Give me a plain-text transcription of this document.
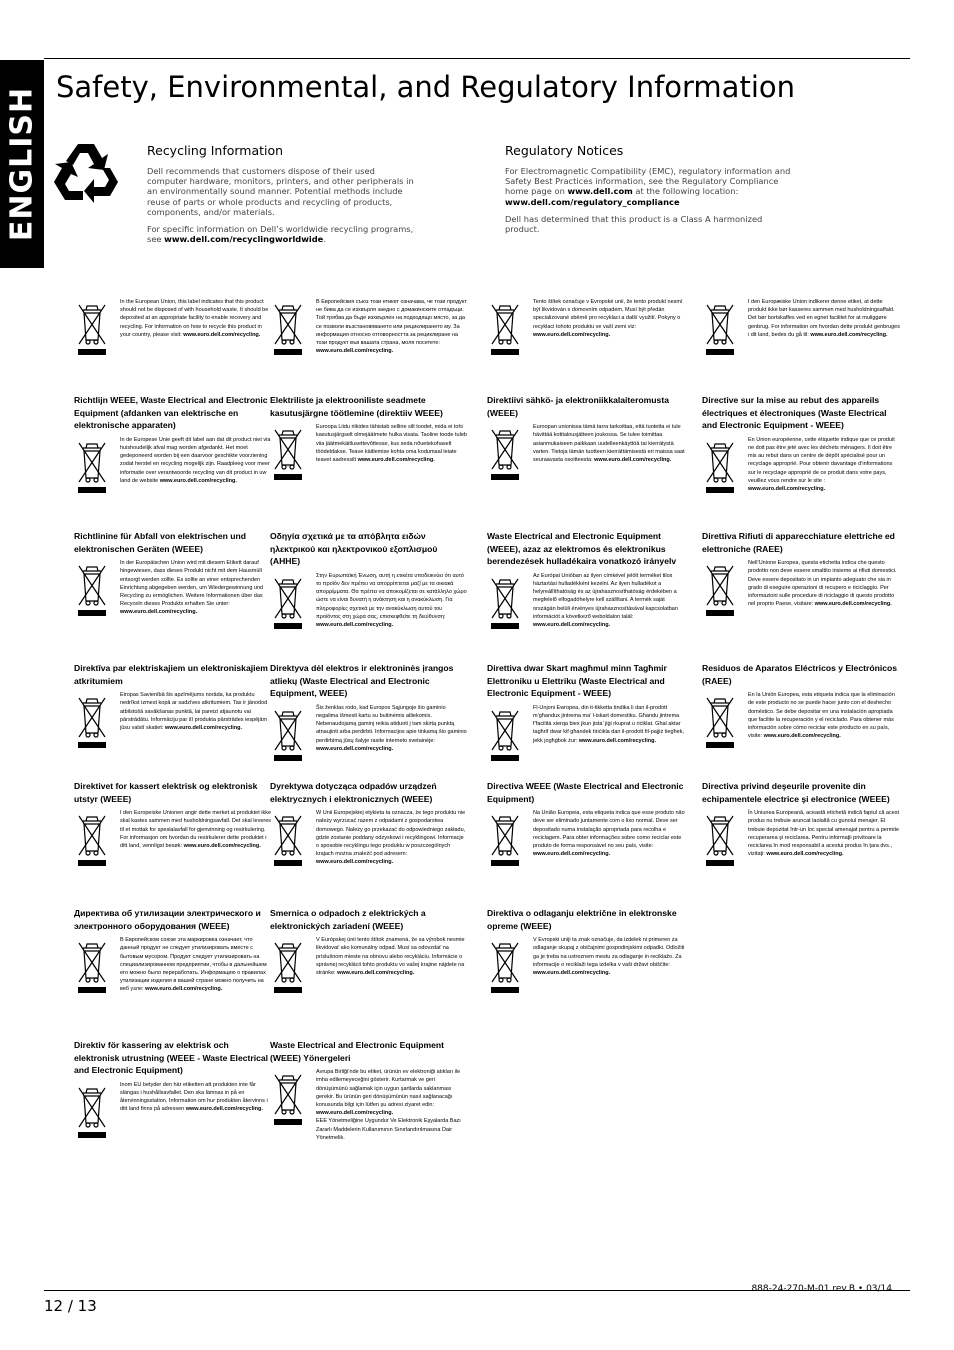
ENGLISH Safety, Environmental, and Regulatory Information
Recycling Information

Dell recommends that customers dispose of their used computer hardware, monitors, printers, and other peripherals in an environmentally sound manner. Potential methods include reuse of parts or whole products and recycling of products, components, and/or materials.

For specific information on Dell’s worldwide recycling programs, see www.dell.com/recyclingworldwide.

Regulatory Notices

For Electromagnetic Compatibility (EMC), regulatory information and Safety Best Practices information, see the Regulatory Compliance home page on www.dell.com at the following location: www.dell.com/regulatory_compliance

Dell has determined that this product is a Class A harmonized product.

In the European Union, this label indicates that this product should not be disposed of with household waste. It should be deposited at an appropriate facility to enable recovery and recycling. For information on how to recycle this product in your country, please visit: www.euro.dell.com/recycling.

В Европейския съюз този етикет означава, че този продукт не бива да се изхвърля заедно с домакинските отпадъци. Той трябва да бъде изхвърлен на подходящо място, за да се позволи възстановяването или рециклирането му. За информация относно отговорността за рециклиране на този продукт във вашата страна, моля посетете: www.euro.dell.com/recycling.

Tento štítek označuje v Evropské unii, že tento produkt nesmí být likvidován s domovním odpadem. Musí být předán specializované sběrně pro recyklaci a další využití. Pokyny o recyklaci tohoto produktu ve vaší zemi viz: www.euro.dell.com/recycling.

I den Europæiske Union indikerer denne etiket, at dette produkt ikke bør kasseres sammen med husholdningsaffald. Det bør bortskaffes ved en egnet facilitet for at muliggøre genbrug. For information om hvordan dette produkt genbruges i dit land, bedes du gå til: www.euro.dell.com/recycling.

Richtlijn WEEE, Waste Electrical and Electronic Equipment (afdanken van elektrische en elektronische apparaten)

In de Europese Unie geeft dit label aan dat dit product niet via huishoudelijk afval mag worden afgedankt. Het moet gedeponeerd worden bij een daarvoor geschikte voorziening zodat herstel en recycling mogelijk zijn. Raadpleeg voor meer informatie over verantwoorde recycling van dit product in uw land de website www.euro.dell.com/recycling.

Elektriliste ja elektrooniliste seadmete kasutusjärgne töötlemine (direktiiv WEEE)

Euroopa Liidu riikides tähistab selline silt toodet, mida ei tohi kasutusjärgselt olmejäätmete hulka visata. Taoline toode tuleb viia jäätmekäitlusettevõttesse, kus seda nõuetekohaselt töödeldakse. Teave käitlemise kohta oma kodumaal leiate teavet aadressilt www.euro.dell.com/recycling.

Direktiivi sähkö- ja elektroniikkalaiteromusta (WEEE)

Euroopan unionissa tämä tarra tarkoittaa, että tuotetta ei tule hävittää kotitalousjätteen joukossa. Se tulee toimittaa asianmukaiseen paikkaan uudelleenkäyttöä tai kierrätystä varten. Tietoja tämän tuotteen kierrättämisestä eri maissa saat seuraavasta osoitteesta: www.euro.dell.com/recycling.

Directive sur la mise au rebut des appareils électriques et électroniques (Waste Electrical and Electronic Equipment - WEEE)

En Union européenne, cette étiquette indique que ce produit ne doit pas être jeté avec les déchets ménagers. Il doit être mis au rebut dans un centre de dépôt spécialisé pour un recyclage approprié. Pour obtenir davantage d’informations sur le recyclage approprié de ce produit dans votre pays, veuillez vous rendre sur le site : www.euro.dell.com/recycling.

Richtlinine für Abfall von elektrischen und elektronischen Geräten (WEEE)

In der Europäischen Union wird mit diesem Etikett darauf hingewiesen, dass dieses Produkt nicht mit dem Hausmüll entsorgt werden sollte. Es sollte an einer entsprechenden Einrichtung abgegeben werden, um Wiedergewinnung und Recycling zu ermöglichen. Weitere Informationen über das Recyceln dieses Produkts erhalten Sie unter: www.euro.dell.com/recycling.

Οδηγία σχετικά με τα απόβλητα ειδών ηλεκτρικού και ηλεκτρονικού εξοπλισμού (ΑΗΗΕ)

Στην Ευρωπαϊκή Ένωση, αυτή η ετικέτα υποδεικνύει ότι αυτό το προϊόν δεν πρέπει να απορρίπτεται μαζί με τα οικιακά απορρίμματα. Θα πρέπει να αποκομίζεται σε κατάλληλο χώρο ώστε να είναι δυνατή η ανάκτηση και η ανακύκλωση. Για πληροφορίες σχετικά με την ανακύκλωση αυτού του προϊόντος στη χώρα σας, επισκεφθείτε τη διεύθυνση: www.euro.dell.com/recycling.

Waste Electrical and Electronic Equipment (WEEE), azaz az elektromos és elektronikus berendezések hulladékaira vonatkozó irányelv

Az Európai Unióban az ilyen címkével jelölt terméket tilos háztartási hulladékként kezelni. Az ilyen hulladékot a helyreállíthatóság és az újrahasznosíthatóság érdekében a megfelelő elfogadóhelyre kell szállítani. A termék saját országán belüli érvényes újrahasznosításával kapcsolatban információt a következő weboldalon talál: www.euro.dell.com/recycling.

Direttiva Rifiuti di apparecchiature elettriche ed elettroniche (RAEE)

Nell’Unione Europea, questa etichetta indica che questo prodotto non deve essere smaltito insieme ai rifiuti domestici. Deve essere depositato in un impianto adeguato che sia in grado di eseguire operazioni di recupero e riciclaggio. Per informazioni sulle procedure di riciclaggio di questo prodotto nel proprio Paese, visitare: www.euro.dell.com/recycling.

Direktīva par elektriskajiem un elektroniskajiem atkritumiem

Eiropas Savienībā šis apzīmējums norāda, ka produktu nedrīkst izmest kopā ar sadzīves atkritumiem. Tas ir jānodod atbilstošā savākšanas punktā, lai pareizi atjaunotu vai pārstrādātu. Informāciju par šī produkta pārstrādes iespējām jūsu valstī skatiet: www.euro.dell.com/recycling.

Direktyva dėl elektros ir elektroninės įrangos atliekų (Waste Electrical and Electronic Equipment, WEEE)

Šis ženklas rodo, kad Europos Sąjungoje šio gaminio negalima išmesti kartu su buitinėmis atliekomis. Nebenaudojamą gaminį reikia atiduoti į tam skirtą punktą atnaujinti arba perdirbti. Informacijos apie tinkamą šio gaminio perdirbimą jūsų šalyje rasite interneto svetainėje: www.euro.dell.com/recycling.

Direttiva dwar Skart magħmul minn Tagħmir Elettroniku u Elettriku (Waste Electrical and Electronic Equipment - WEEE)

Fl-Unjoni Ewropea, din it-tikketta tindika li dan il-prodott m’għandux jintrema ma’ l-iskart domestiku. Għandu jintrema f’facilità xierqa biex jkun jista’ jiġi rkuprat u riċiklat. Għal aktar tagħrif dwar kif għandek tiriċikla dan il-prodott fil-pajjiż tiegħek, jekk jogħġbok żur: www.euro.dell.com/recycling.

Residuos de Aparatos Eléctricos y Electrónicos (RAEE)

En la Unión Europea, esta etiqueta indica que la eliminación de este producto no se puede hacer junto con el deshecho doméstico. Se debe depositar en una instalación apropiada que facilite la recuperación y el reciclado. Para obtener más información sobre cómo reciclar este producto en su país, visite: www.euro.dell.com/recycling.

Direktivet for kassert elektrisk og elektronisk utstyr (WEEE)

I den Europeiske Unionen angir dette merket at produktet ikke skal kastes sammen med husholdningsavfall. Det skal leveres til et mottak for spesialavfall for gjenvinning og resirkulering. For informasjon om hvordan du resirkulerer dette produktet i ditt land, vennligst besøk: www.euro.dell.com/recycling.

Dyrektywa dotycząca odpadów urządzeń elektrycznych i elektronicznych (WEEE)

W Unii Europejskiej etykieta ta oznacza, że tego produktu nie należy wyrzucać razem z odpadami z gospodarstwa domowego. Należy go przekazać do odpowiedniego zakładu, gdzie zostanie poddany odzyskowi i recyklingowi. Informacje o sposobie recyklingu tego produktu w poszczególnych krajach można znaleźć pod adresem: www.euro.dell.com/recycling.

Directiva WEEE (Waste Electrical and Electronic Equipment)

Na União Europeia, esta etiqueta indica que esse produto não deve ser eliminado juntamente com o lixo normal. Deve ser depositado numa instalação apropriada para recolha e reciclagem. Para obter informações sobre como reciclar este produto de forma responsável no seu país, visite: www.euro.dell.com/recycling.

Directiva privind deşeurile provenite din echipamentele electrice şi electronice (WEEE)

În Uniunea Europeană, această etichetă indică faptul că acest produs nu trebuie aruncat laolaltă cu gunoiul menajer. El trebuie depozitat într-un loc special amenajat pentru a permite recuperarea şi reciclarea. Pentru informaţii privitoare la reciclarea în mod responsabil a acestui produs în ţara dvs., vizitaţi: www.euro.dell.com/recycling.

Директива об утилизации электрического и электронного оборудования (WEEE)

В Европейском союзе эта маркировка означает, что данный продукт не следует утилизировать вместе с бытовым мусором. Продукт следует утилизировать на специализированном предприятии, чтобы в дальнейшем его можно было переработать. Информацию о правилах утилизации изделия в вашей стране можно получить на веб узле: www.euro.dell.com/recycling.

Smernica o odpadoch z elektrických a elektronických zariadení (WEEE)

V Európskej únii tento štítok znamená, že sa výrobok nesmie likvidovať ako komunálny odpad. Musí sa odovzdať na príslušnom mieste na obnovu alebo recykláciu. Informácie o správnej recyklácii tohto produktu vo vašej krajine nájdete na stránke: www.euro.dell.com/recycling.

Direktiva o odlaganju električne in elektronske opreme (WEEE)

V Evropski uniji ta znak označuje, da izdelek ni primeren za odlaganje skupaj z običajnimi gospodinjskimi odpadki. Odložiti ga je treba na ustreznem mestu za odlaganje in reciklažo. Za informacije o reciklaži tega izdelka v vaši državi obiščite: www.euro.dell.com/recycling.

Direktiv för kassering av elektrisk och elektronisk utrustning (WEEE - Waste Electrical and Electronic Equipment)

Inom EU betyder den här etiketten att produkten inte får slängas i hushållsavfallet. Den ska lämnas in på en återvinningsstation. Information om hur produkten återvinns i ditt land finns på adressen www.euro.dell.com/recycling.

Waste Electrical and Electronic Equipment (WEEE) Yönergeleri

Avrupa Birliği’nde bu etiket, ürünün ev elektroniği atıkları ile imha edilemeyeceğini gösterir. Kurtarmak ve geri dönüşümünü sağlamak için uygun şartlarda saklanması gerekir. Bu ürünün geri dönüşümünün nasıl sağlanacağı konusunda bilgi için lütfen şu adresi ziyaret edin: www.euro.dell.com/recycling.
EEE Yönetmeliğine Uygundur Ve Elektronik Eşyalarda Bazı Zararlı Maddelerin Kullanımının Sınırlandırılmasına Dair Yönetmelik.

12 / 13
888-24-270-M-01 rev.B • 03/14
